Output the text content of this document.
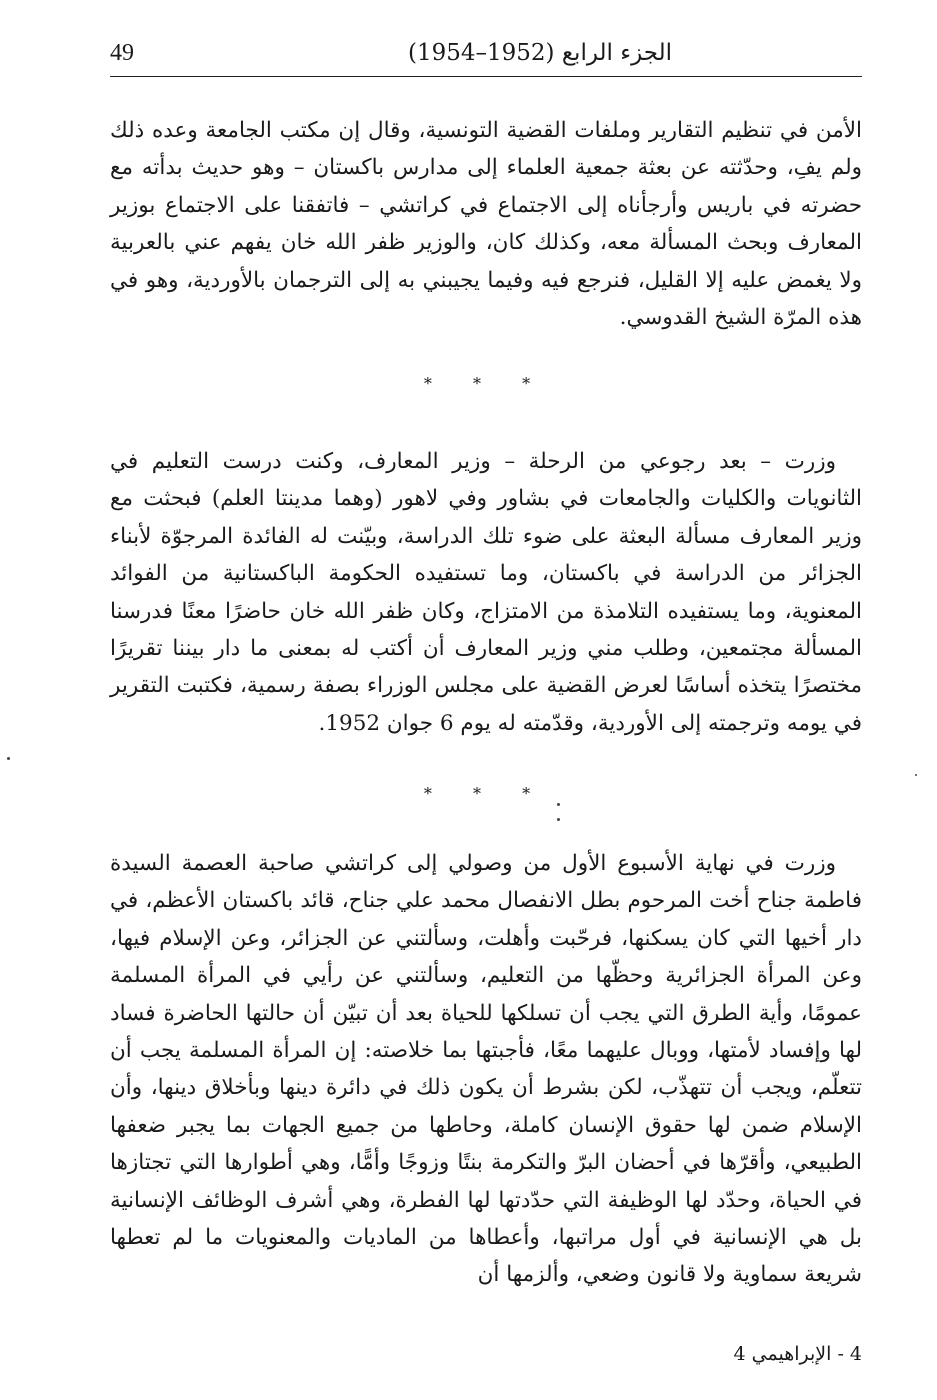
49	الجزء الرابع (1952–1954)

الأمن في تنظيم التقارير وملفات القضية التونسية، وقال إن مكتب الجامعة وعده ذلك ولم يفِ، وحدّثته عن بعثة جمعية العلماء إلى مدارس باكستان – وهو حديث بدأته مع حضرته في باريس وأرجأناه إلى الاجتماع في كراتشي – فاتفقنا على الاجتماع بوزير المعارف وبحث المسألة معه، وكذلك كان، والوزير ظفر الله خان يفهم عني بالعربية ولا يغمض عليه إلا القليل، فنرجع فيه وفيما يجيبني به إلى الترجمان بالأوردية، وهو في هذه المرّة الشيخ القدوسي.

* * *

وزرت – بعد رجوعي من الرحلة – وزير المعارف، وكنت درست التعليم في الثانويات والكليات والجامعات في بشاور وفي لاهور (وهما مدينتا العلم) فبحثت مع وزير المعارف مسألة البعثة على ضوء تلك الدراسة، وبيّنت له الفائدة المرجوّة لأبناء الجزائر من الدراسة في باكستان، وما تستفيده الحكومة الباكستانية من الفوائد المعنوية، وما يستفيده التلامذة من الامتزاج، وكان ظفر الله خان حاضرًا معنًا فدرسنا المسألة مجتمعين، وطلب مني وزير المعارف أن أكتب له بمعنى ما دار بيننا تقريرًا مختصرًا يتخذه أساسًا لعرض القضية على مجلس الوزراء بصفة رسمية، فكتبت التقرير في يومه وترجمته إلى الأوردية، وقدّمته له يوم 6 جوان 1952.

* * *

وزرت في نهاية الأسبوع الأول من وصولي إلى كراتشي صاحبة العصمة السيدة فاطمة جناح أخت المرحوم بطل الانفصال محمد علي جناح، قائد باكستان الأعظم، في دار أخيها التي كان يسكنها، فرحّبت وأهلت، وسألتني عن الجزائر، وعن الإسلام فيها، وعن المرأة الجزائرية وحظّها من التعليم، وسألتني عن رأيي في المرأة المسلمة عمومًا، وأية الطرق التي يجب أن تسلكها للحياة بعد أن تبيّن أن حالتها الحاضرة فساد لها وإفساد لأمتها، ووبال عليهما معًا، فأجبتها بما خلاصته: إن المرأة المسلمة يجب أن تتعلّم، ويجب أن تتهذّب، لكن بشرط أن يكون ذلك في دائرة دينها وبأخلاق دينها، وأن الإسلام ضمن لها حقوق الإنسان كاملة، وحاطها من جميع الجهات بما يجبر ضعفها الطبيعي، وأقرّها في أحضان البرّ والتكرمة بنتًا وزوجًا وأمًّا، وهي أطوارها التي تجتازها في الحياة، وحدّد لها الوظيفة التي حدّدتها لها الفطرة، وهي أشرف الوظائف الإنسانية بل هي الإنسانية في أول مراتبها، وأعطاها من الماديات والمعنويات ما لم تعطها شريعة سماوية ولا قانون وضعي، وألزمها أن

4 - الإبراهيمي 4
